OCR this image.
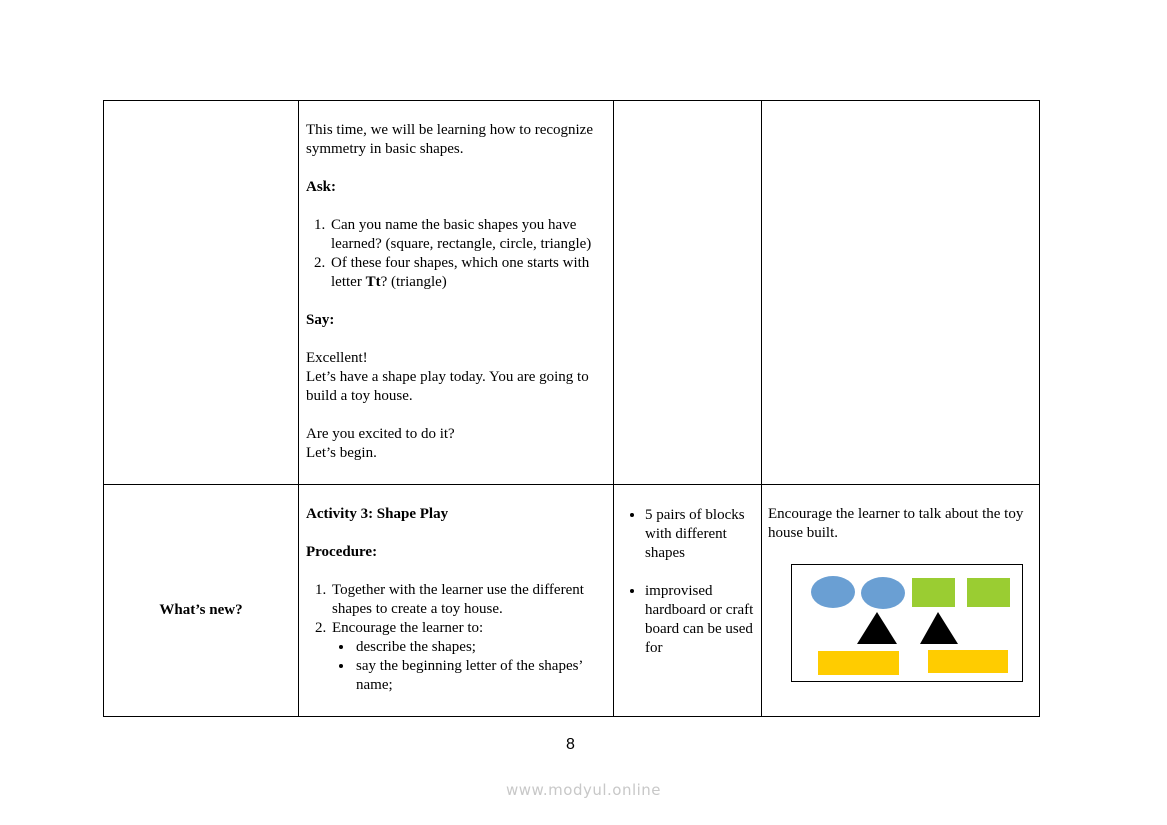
This time, we will be learning how to recognize symmetry in basic shapes.

Ask:

1. Can you name the basic shapes you have learned? (square, rectangle, circle, triangle)
2. Of these four shapes, which one starts with letter Tt? (triangle)

Say:

Excellent!

Let’s have a shape play today. You are going to build a toy house.

Are you excited to do it?

Let’s begin.

What’s new?

Activity 3: Shape Play

Procedure:

1. Together with the learner use the different shapes to create a toy house.
2. Encourage the learner to:
• describe the shapes;
• say the beginning letter of the shapes’ name;
• 5 pairs of blocks with different shapes
• improvised hardboard or craft board can be used for

Encourage the learner to talk about the toy house built.

8
www.modyul.online
